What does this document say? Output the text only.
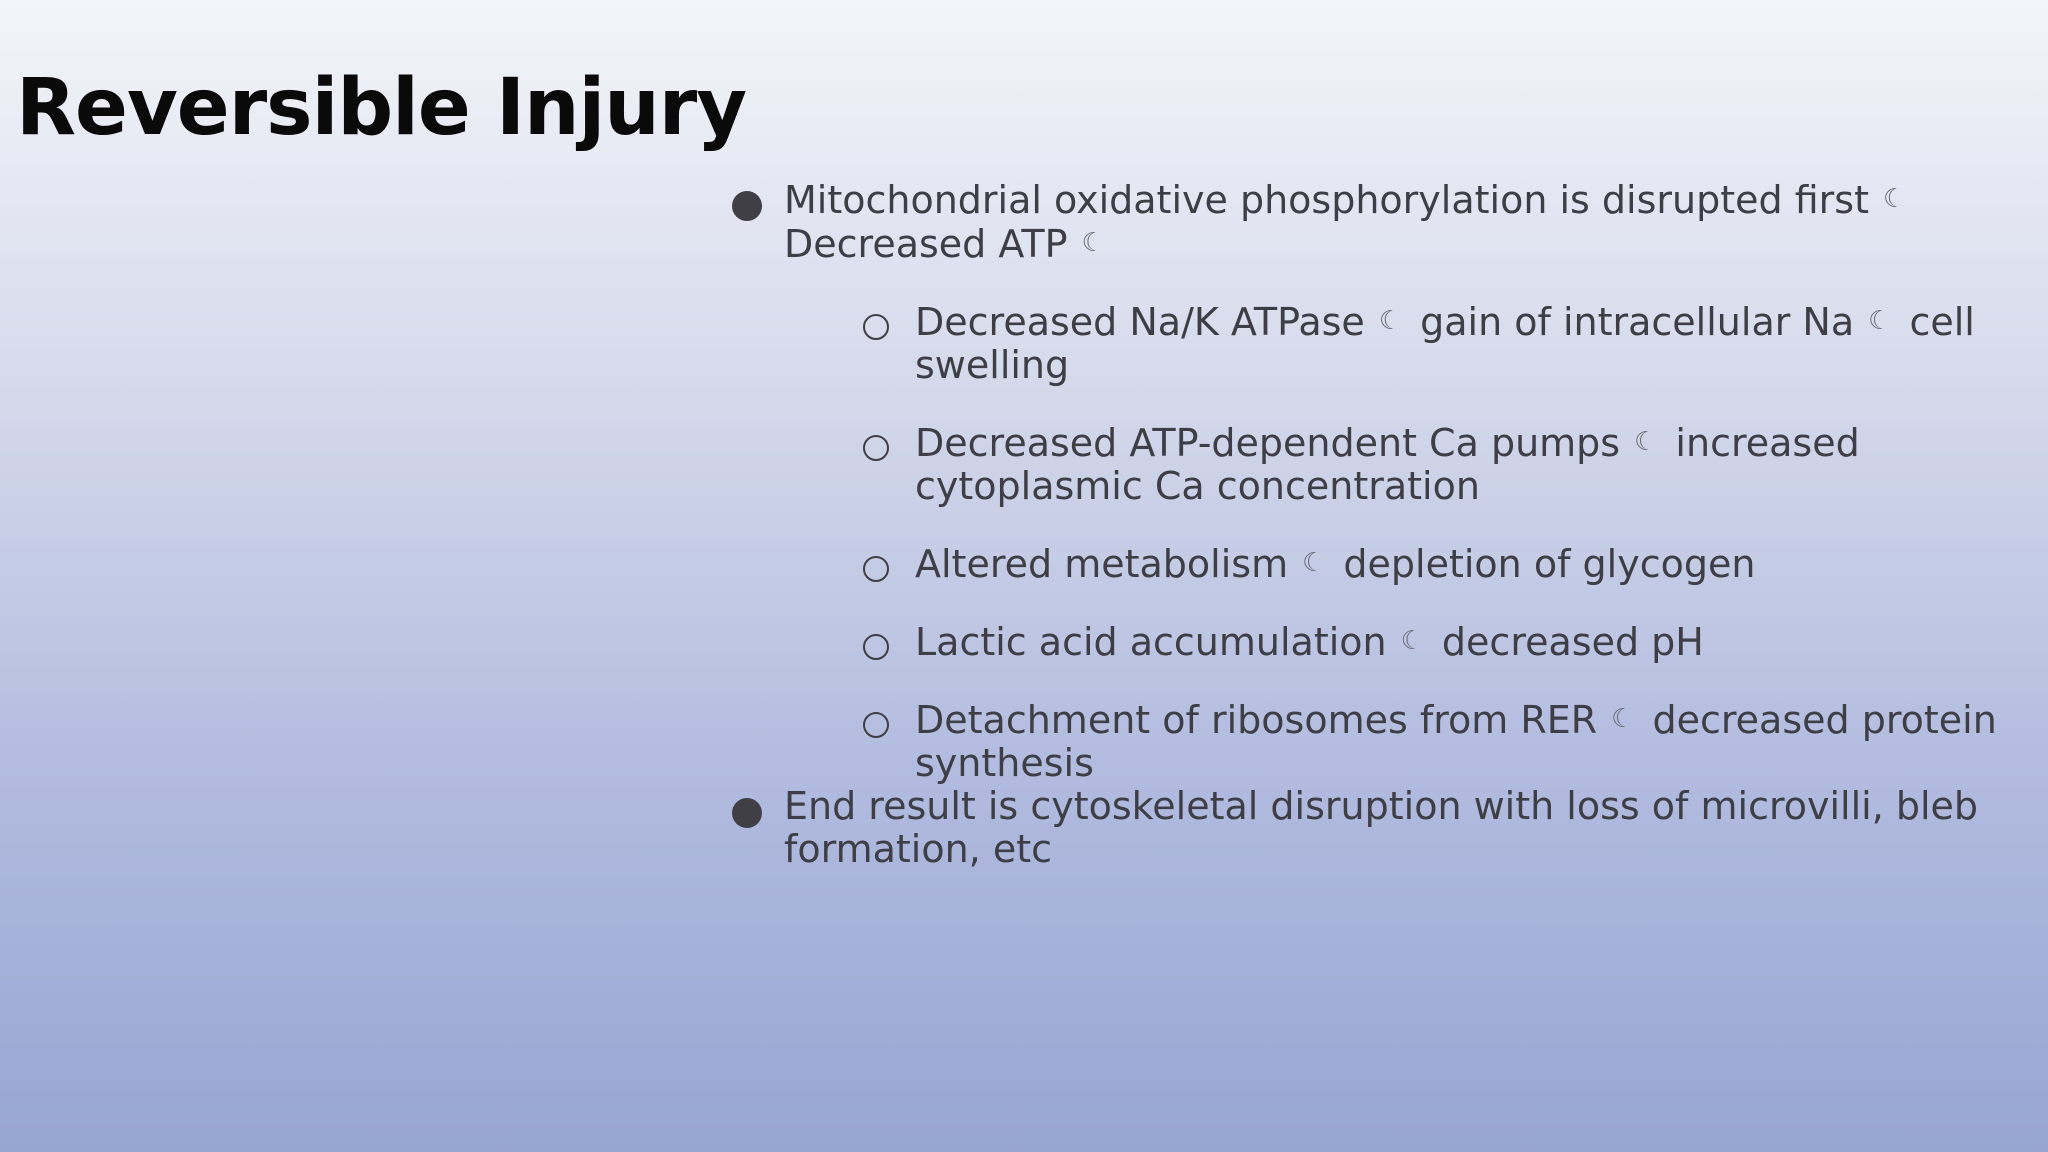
Reversible Injury
Mitochondrial oxidative phosphorylation is disrupted first ☾
Decreased ATP ☾
Decreased Na/K ATPase ☾ gain of intracellular Na ☾ cell swelling
Decreased ATP-dependent Ca pumps ☾ increased cytoplasmic Ca concentration
Altered metabolism ☾ depletion of glycogen
Lactic acid accumulation ☾ decreased pH
Detachment of ribosomes from RER ☾ decreased protein synthesis
End result is cytoskeletal disruption with loss of microvilli, bleb formation, etc
